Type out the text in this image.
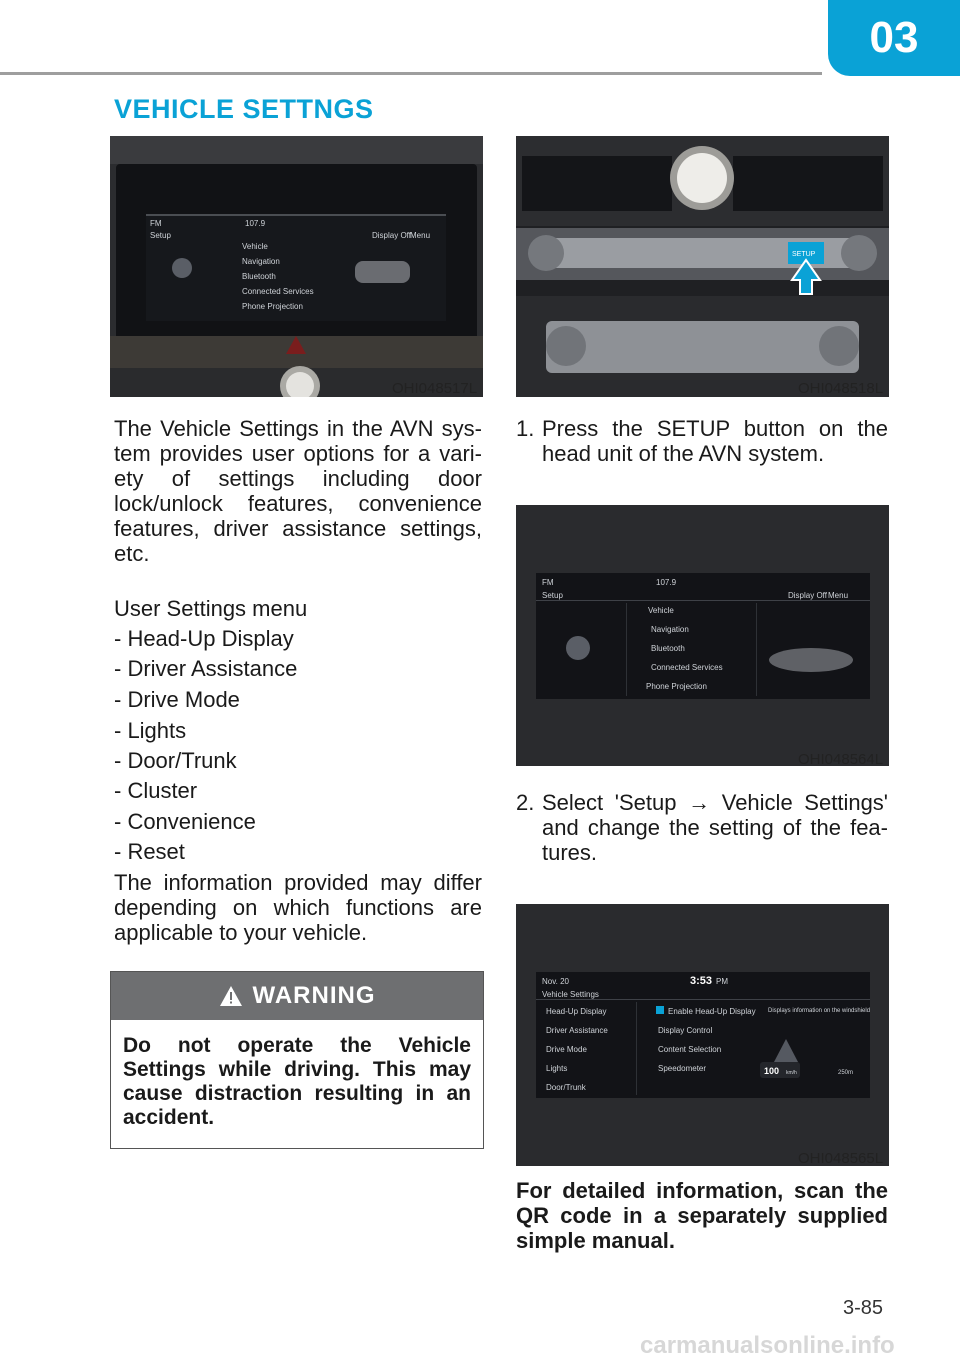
03
VEHICLE SETTNGS
FM	107.9
Setup	Display Off Menu
Vehicle
Navigation
Bluetooth
Connected Services
Phone Projection
OHI048517L
SETUP
OHI048518L
The Vehicle Settings in the AVN sys-tem provides user options for a vari-ety of settings including door lock/unlock features, convenience features, driver assistance settings, etc.
User Settings menu
- Head-Up Display
- Driver Assistance
- Drive Mode
- Lights
- Door/Trunk
- Cluster
- Convenience
- Reset
The information provided may differ depending on which functions are applicable to your vehicle.
WARNING
Do not operate the Vehicle Settings while driving. This may cause distraction resulting in an accident.
1. Press the SETUP button on the head unit of the AVN system.
FM	107.9
Setup	Display Off Menu
Vehicle
Navigation
Bluetooth
Connected Services
Phone Projection
OHI048564L
2. Select 'Setup → Vehicle Settings' and change the setting of the fea-tures.
Nov. 20	3:53 PM
Vehicle Settings
Head-Up Display
Driver Assistance
Drive Mode
Lights
Door/Trunk
Enable Head-Up Display
Display Control
Content Selection
Speedometer
Displays information on the windshield
100 km/h	250m
OHI048565L
For detailed information, scan the QR code in a separately supplied simple manual.
3-85
carmanualsonline.info
